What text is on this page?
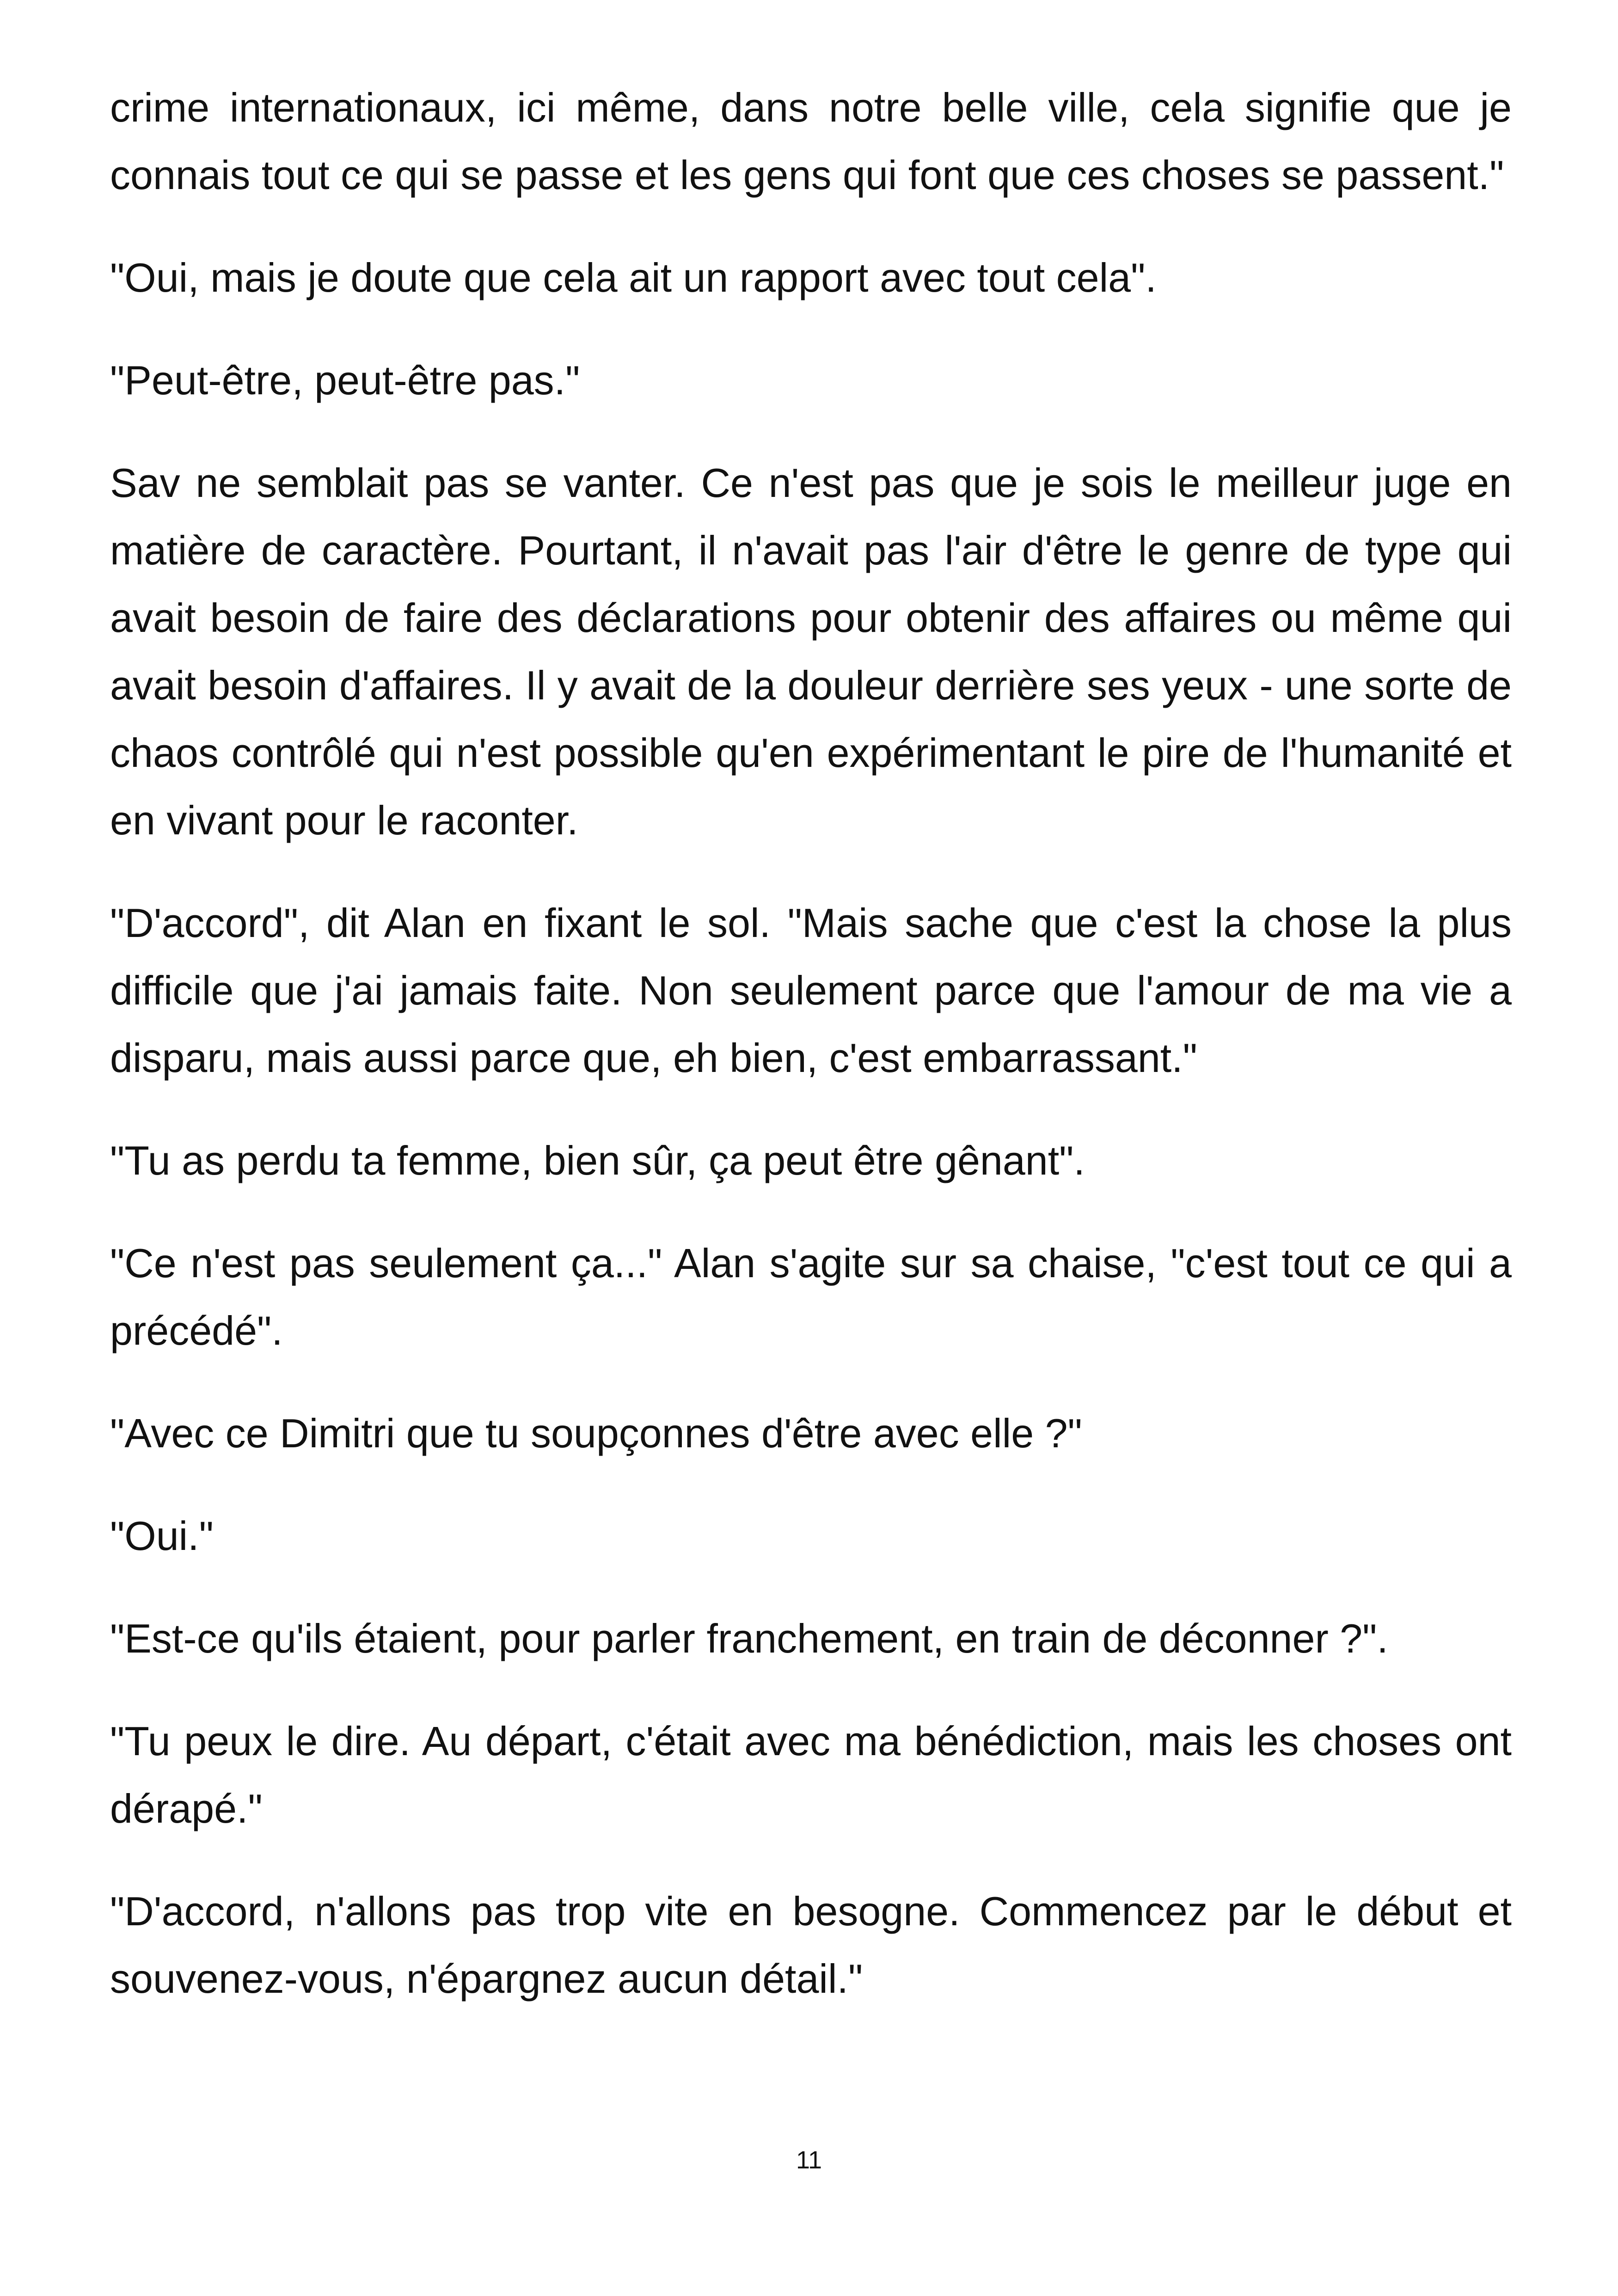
crime internationaux, ici même, dans notre belle ville, cela signifie que je connais tout ce qui se passe et les gens qui font que ces choses se passent."

"Oui, mais je doute que cela ait un rapport avec tout cela".

"Peut-être, peut-être pas."

Sav ne semblait pas se vanter. Ce n'est pas que je sois le meilleur juge en matière de caractère. Pourtant, il n'avait pas l'air d'être le genre de type qui avait besoin de faire des déclarations pour obtenir des affaires ou même qui avait besoin d'affaires. Il y avait de la douleur derrière ses yeux - une sorte de chaos contrôlé qui n'est possible qu'en expérimentant le pire de l'humanité et en vivant pour le raconter.

"D'accord", dit Alan en fixant le sol. "Mais sache que c'est la chose la plus difficile que j'ai jamais faite. Non seulement parce que l'amour de ma vie a disparu, mais aussi parce que, eh bien, c'est embarrassant."

"Tu as perdu ta femme, bien sûr, ça peut être gênant".

"Ce n'est pas seulement ça..." Alan s'agite sur sa chaise, "c'est tout ce qui a précédé".

"Avec ce Dimitri que tu soupçonnes d'être avec elle ?"

"Oui."

"Est-ce qu'ils étaient, pour parler franchement, en train de déconner ?".

"Tu peux le dire. Au départ, c'était avec ma bénédiction, mais les choses ont dérapé."

"D'accord, n'allons pas trop vite en besogne. Commencez par le début et souvenez-vous, n'épargnez aucun détail."

11
